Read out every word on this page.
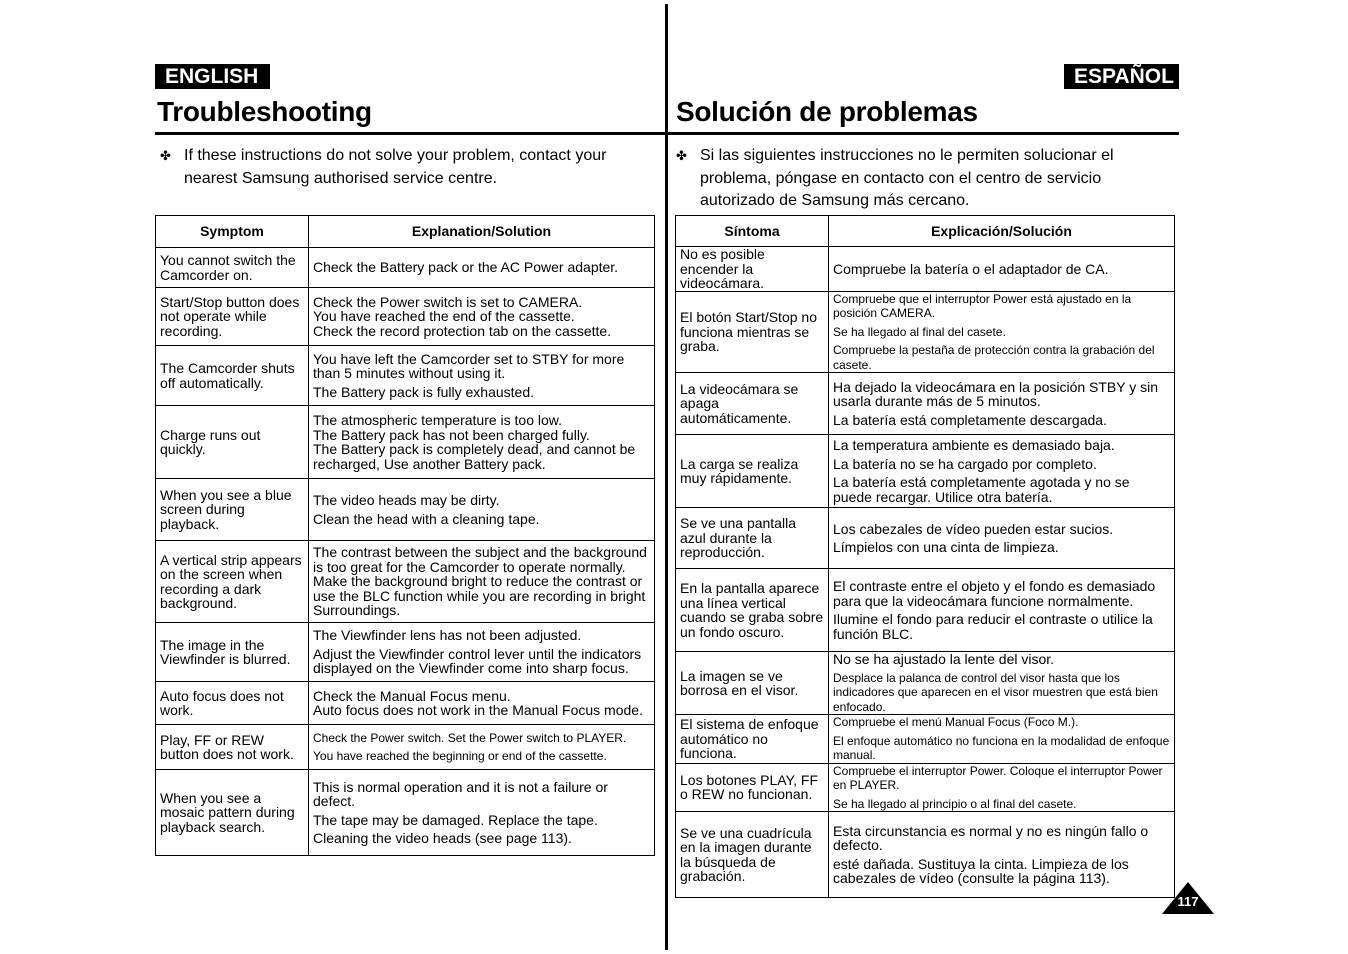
ENGLISH
Troubleshooting
✤ If these instructions do not solve your problem, contact your nearest Samsung authorised service centre.
Symptom	Explanation/Solution
You cannot switch the Camcorder on.	Check the Battery pack or the AC Power adapter.

Start/Stop button does not operate while recording.	Check the Power switch is set to CAMERA.
You have reached the end of the cassette.
Check the record protection tab on the cassette.

The Camcorder shuts off automatically.	You have left the Camcorder set to STBY for more than 5 minutes without using it.

The Battery pack is fully exhausted.

Charge runs out quickly.	The atmospheric temperature is too low.
The Battery pack has not been charged fully.
The Battery pack is completely dead, and cannot be recharged, Use another Battery pack.

When you see a blue screen during playback.	The video heads may be dirty.

Clean the head with a cleaning tape.

A vertical strip appears on the screen when recording a dark background.	The contrast between the subject and the background is too great for the Camcorder to operate normally.
Make the background bright to reduce the contrast or use the BLC function while you are recording in bright Surroundings.

The image in the Viewfinder is blurred.	The Viewfinder lens has not been adjusted.

Adjust the Viewfinder control lever until the indicators displayed on the Viewfinder come into sharp focus.

Auto focus does not work.	Check the Manual Focus menu.
Auto focus does not work in the Manual Focus mode.

Play, FF or REW button does not work.	Check the Power switch. Set the Power switch to PLAYER.

You have reached the beginning or end of the cassette.

When you see a mosaic pattern during playback search.	This is normal operation and it is not a failure or defect.

The tape may be damaged. Replace the tape.

Cleaning the video heads (see page 113).

ESPAÑOL
Solución de problemas
✤ Si las siguientes instrucciones no le permiten solucionar el problema, póngase en contacto con el centro de servicio autorizado de Samsung más cercano.
Síntoma	Explicación/Solución
No es posible encender la videocámara.	Compruebe la batería o el adaptador de CA.

El botón Start/Stop no funciona mientras se graba.	Compruebe que el interruptor Power está ajustado en la posición CAMERA.

Se ha llegado al final del casete.

Compruebe la pestaña de protección contra la grabación del casete.

La videocámara se apaga automáticamente.	Ha dejado la videocámara en la posición STBY y sin usarla durante más de 5 minutos.

La batería está completamente descargada.

La carga se realiza muy rápidamente.	La temperatura ambiente es demasiado baja.

La batería no se ha cargado por completo.

La batería está completamente agotada y no se puede recargar. Utilice otra batería.

Se ve una pantalla azul durante la reproducción.	Los cabezales de vídeo pueden estar sucios.

Límpielos con una cinta de limpieza.

En la pantalla aparece una línea vertical cuando se graba sobre un fondo oscuro.	El contraste entre el objeto y el fondo es demasiado para que la videocámara funcione normalmente.

Ilumine el fondo para reducir el contraste o utilice la función BLC.

La imagen se ve borrosa en el visor.	No se ha ajustado la lente del visor.

Desplace la palanca de control del visor hasta que los indicadores que aparecen en el visor muestren que está bien enfocado.

El sistema de enfoque automático no funciona.	Compruebe el menú Manual Focus (Foco M.).

El enfoque automático no funciona en la modalidad de enfoque manual.

Los botones PLAY, FF o REW no funcionan.	Compruebe el interruptor Power. Coloque el interruptor Power en PLAYER.

Se ha llegado al principio o al final del casete.

Se ve una cuadrícula en la imagen durante la búsqueda de grabación.	Esta circunstancia es normal y no es ningún fallo o defecto.

esté dañada. Sustituya la cinta. Limpieza de los cabezales de vídeo (consulte la página 113).

117
